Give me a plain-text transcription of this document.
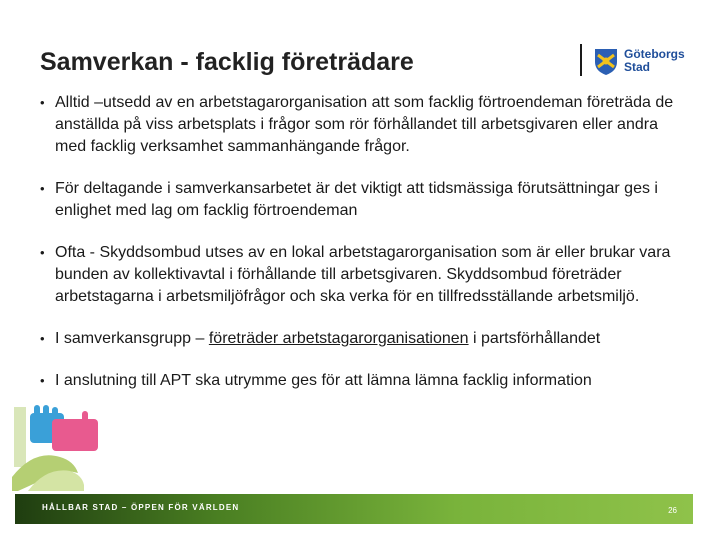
Samverkan - facklig företrädare	Göteborgs
Stad
• Alltid –utsedd av en arbetstagarorganisation att som facklig förtroendeman företräda de anställda på viss arbetsplats i frågor som rör förhållandet till arbetsgivaren eller andra med facklig verksamhet sammanhängande frågor.
• För deltagande i samverkansarbetet är det viktigt att tidsmässiga förutsättningar ges i enlighet med lag om facklig förtroendeman
• Ofta - Skyddsombud utses av en lokal arbetstagarorganisation som är eller brukar vara bunden av kollektivavtal i förhållande till arbetsgivaren. Skyddsombud företräder arbetstagarna i arbetsmiljöfrågor och ska verka för en tillfredsställande arbetsmiljö.
• I samverkansgrupp – företräder arbetstagarorganisationen i partsförhållandet
• I anslutning till APT ska utrymme ges för att lämna lämna facklig information
HÅLLBAR STAD – ÖPPEN FÖR VÄRLDEN	26
